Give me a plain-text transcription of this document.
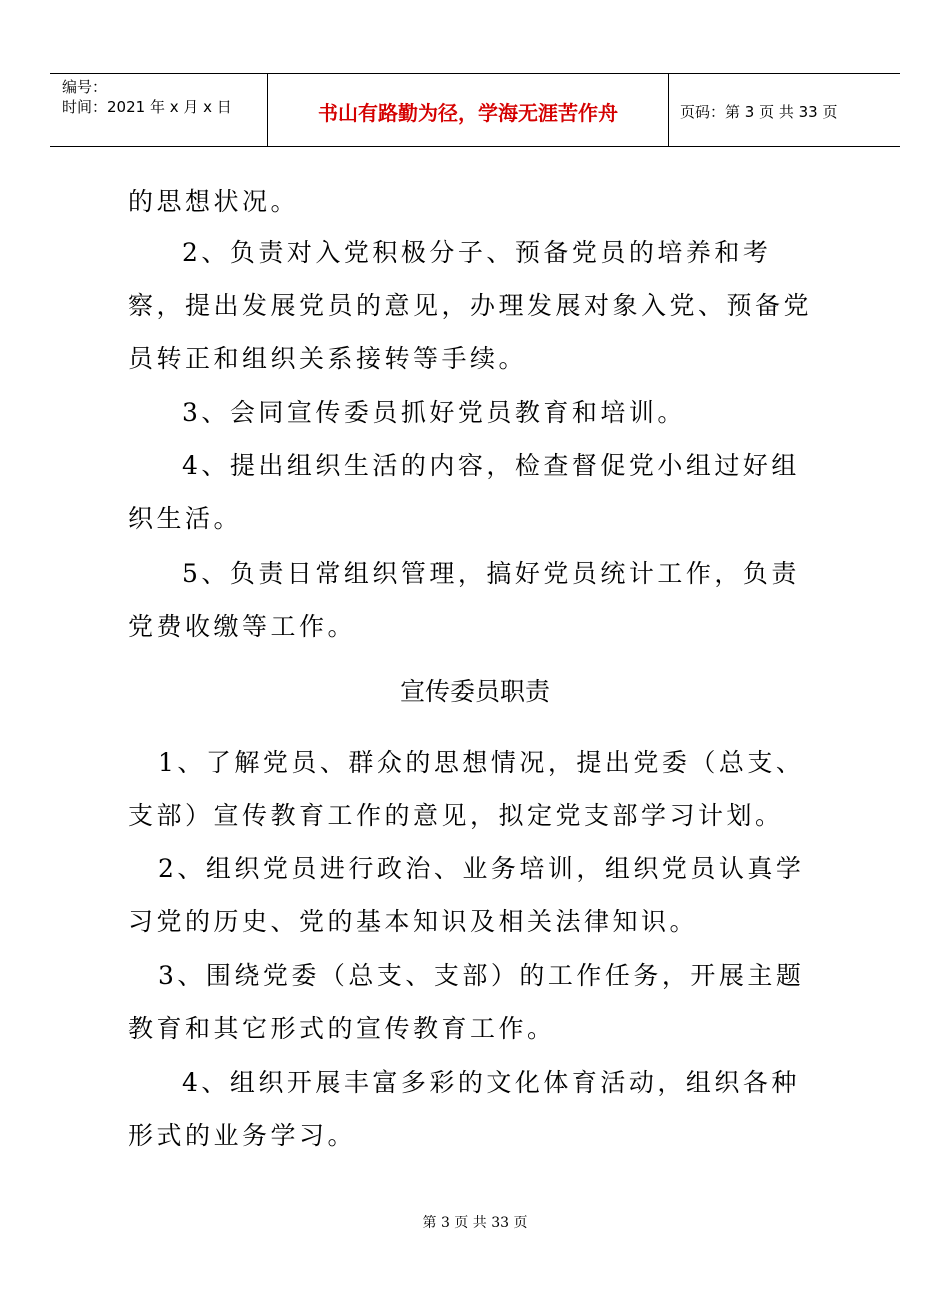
编号：
时间：2021 年 x 月 x 日	书山有路勤为径，学海无涯苦作舟	页码：第 3 页 共 33 页
的思想状况。
2、负责对入党积极分子、预备党员的培养和考察，提出发展党员的意见，办理发展对象入党、预备党员转正和组织关系接转等手续。
3、会同宣传委员抓好党员教育和培训。
4、提出组织生活的内容，检查督促党小组过好组织生活。
5、负责日常组织管理，搞好党员统计工作，负责党费收缴等工作。
宣传委员职责
1、了解党员、群众的思想情况，提出党委（总支、支部）宣传教育工作的意见，拟定党支部学习计划。
2、组织党员进行政治、业务培训，组织党员认真学习党的历史、党的基本知识及相关法律知识。
3、围绕党委（总支、支部）的工作任务，开展主题教育和其它形式的宣传教育工作。
4、组织开展丰富多彩的文化体育活动，组织各种形式的业务学习。
第 3 页 共 33 页
